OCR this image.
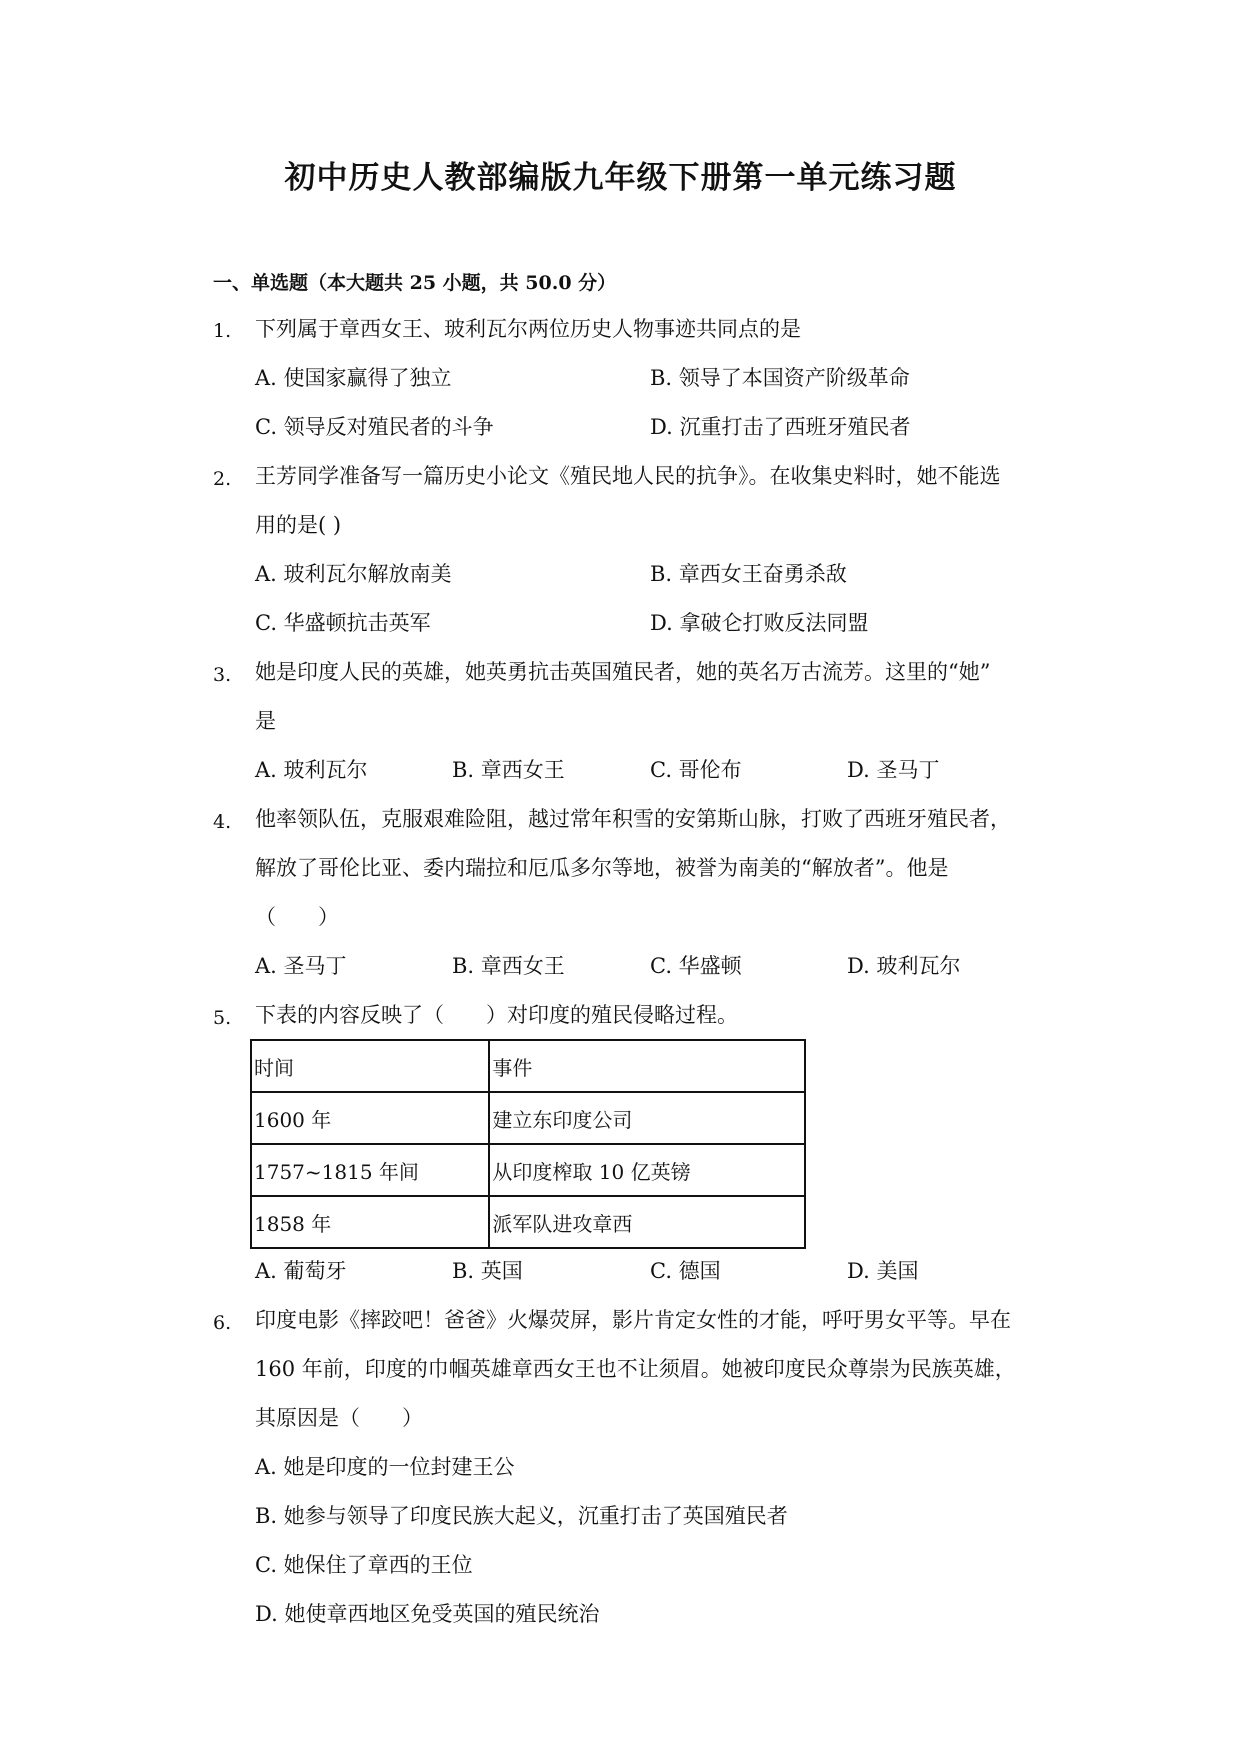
初中历史人教部编版九年级下册第一单元练习题
一、单选题（本大题共 25 小题，共 50.0 分）
1. 下列属于章西女王、玻利瓦尔两位历史人物事迹共同点的是
A. 使国家赢得了独立	B. 领导了本国资产阶级革命
C. 领导反对殖民者的斗争	D. 沉重打击了西班牙殖民者
2. 王芳同学准备写一篇历史小论文《殖民地人民的抗争》。在收集史料时，她不能选
用的是( )
A. 玻利瓦尔解放南美	B. 章西女王奋勇杀敌
C. 华盛顿抗击英军	D. 拿破仑打败反法同盟
3. 她是印度人民的英雄，她英勇抗击英国殖民者，她的英名万古流芳。这里的“她”
是
A. 玻利瓦尔	B. 章西女王	C. 哥伦布	D. 圣马丁
4. 他率领队伍，克服艰难险阻，越过常年积雪的安第斯山脉，打败了西班牙殖民者，
解放了哥伦比亚、委内瑞拉和厄瓜多尔等地，被誉为南美的“解放者”。他是
（　　）
A. 圣马丁	B. 章西女王	C. 华盛顿	D. 玻利瓦尔
5. 下表的内容反映了（　　）对印度的殖民侵略过程。
时间	事件
1600 年	建立东印度公司
1757~1815 年间	从印度榨取 10 亿英镑
1858 年	派军队进攻章西
A. 葡萄牙	B. 英国	C. 德国	D. 美国
6. 印度电影《摔跤吧！爸爸》火爆荧屏，影片肯定女性的才能，呼吁男女平等。早在
160 年前，印度的巾帼英雄章西女王也不让须眉。她被印度民众尊崇为民族英雄，
其原因是（　　）
A. 她是印度的一位封建王公
B. 她参与领导了印度民族大起义，沉重打击了英国殖民者
C. 她保住了章西的王位
D. 她使章西地区免受英国的殖民统治
